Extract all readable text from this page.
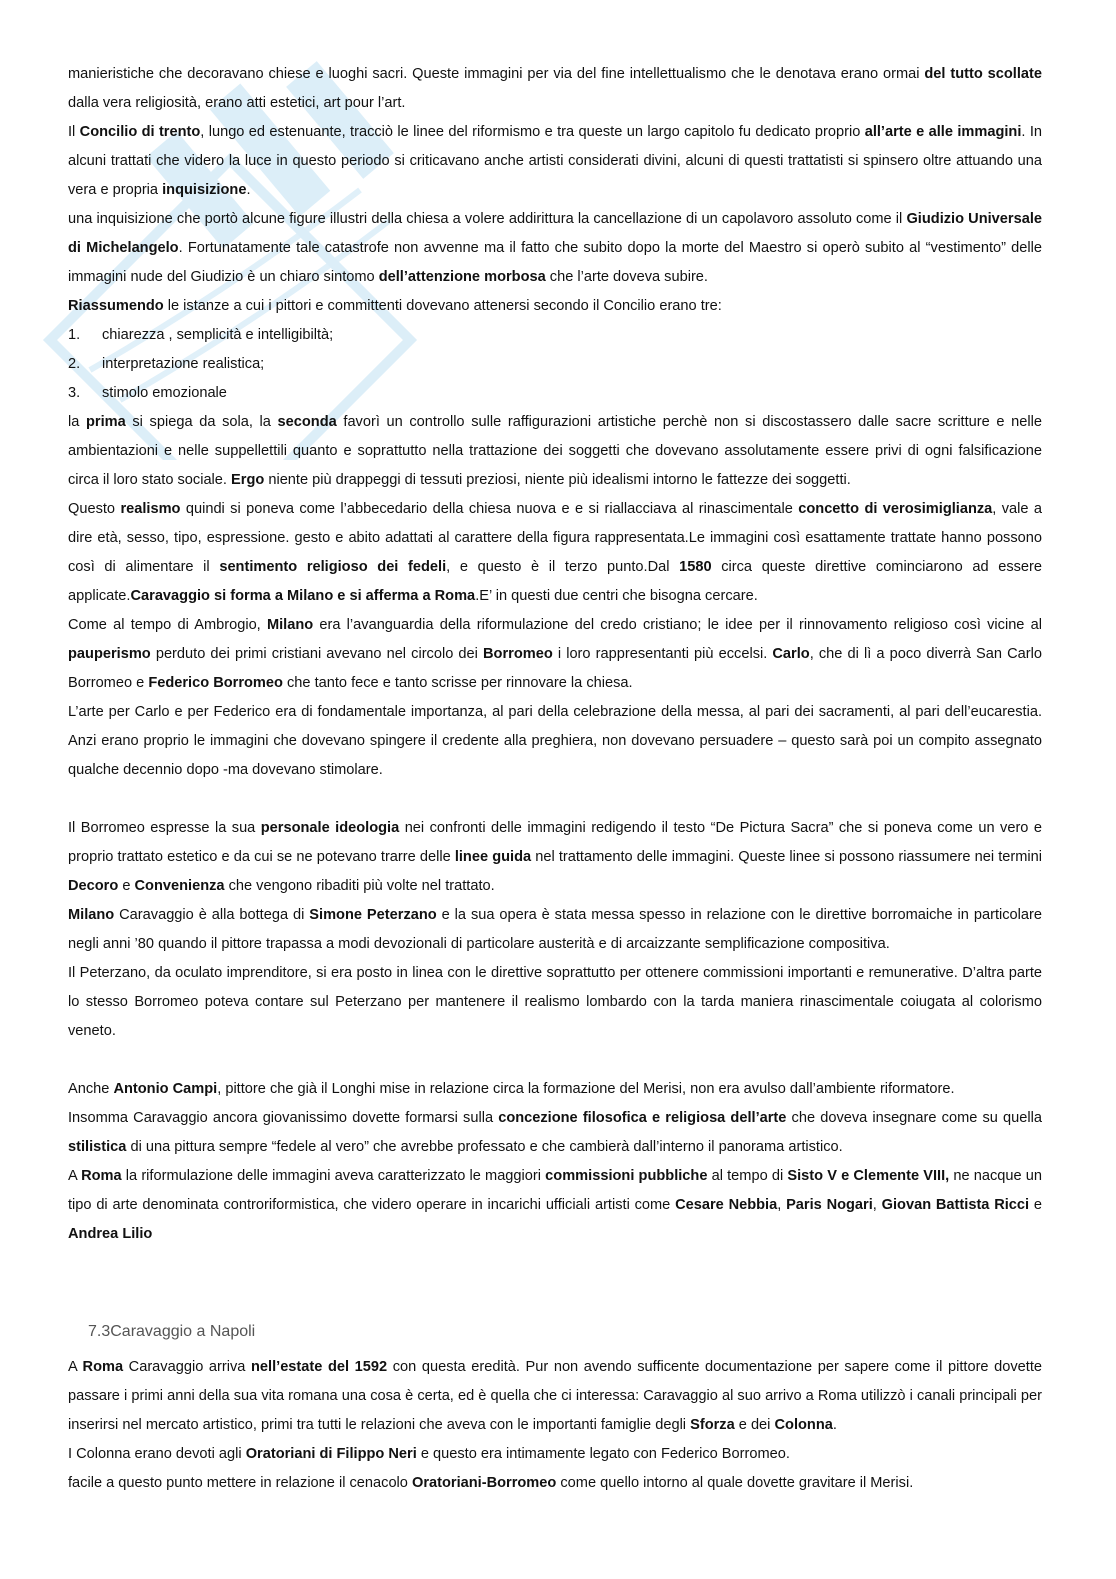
manieristiche che decoravano chiese e luoghi sacri. Queste immagini per via del fine intellettualismo che le denotava erano ormai del tutto scollate dalla vera religiosità, erano atti estetici, art pour l’art.

Il Concilio di trento, lungo ed estenuante, tracciò le linee del riformismo e tra queste un largo capitolo fu dedicato proprio all’arte e alle immagini. In alcuni trattati che videro la luce in questo periodo si criticavano anche artisti considerati divini, alcuni di questi trattatisti si spinsero oltre attuando una vera e propria inquisizione.

una inquisizione che portò alcune figure illustri della chiesa a volere addirittura la cancellazione di un capolavoro assoluto come il Giudizio Universale di Michelangelo. Fortunatamente tale catastrofe non avvenne ma il fatto che subito dopo la morte del Maestro si operò subito al “vestimento” delle immagini nude del Giudizio è un chiaro sintomo dell’attenzione morbosa che l’arte doveva subire.

Riassumendo le istanze a cui i pittori e committenti dovevano attenersi secondo il Concilio erano tre:

1.	chiarezza , semplicità e intelligibiltà;
2.	interpretazione realistica;
3.	stimolo emozionale

la prima si spiega da sola, la seconda favorì un controllo sulle raffigurazioni artistiche perchè non si discostassero dalle sacre scritture e nelle ambientazioni e nelle suppellettili quanto e soprattutto nella trattazione dei soggetti che dovevano assolutamente essere privi di ogni falsificazione circa il loro stato sociale. Ergo niente più drappeggi di tessuti preziosi, niente più idealismi intorno le fattezze dei soggetti.

Questo realismo quindi si poneva come l’abbecedario della chiesa nuova e e si riallacciava al rinascimentale concetto di verosimiglianza, vale a dire età, sesso, tipo, espressione. gesto e abito adattati al carattere della figura rappresentata.Le immagini così esattamente trattate hanno possono così di alimentare il sentimento religioso dei fedeli, e questo è il terzo punto.Dal 1580 circa queste direttive cominciarono ad essere applicate.Caravaggio si forma a Milano e si afferma a Roma.E’ in questi due centri che bisogna cercare.

Come al tempo di Ambrogio, Milano era l’avanguardia della riformulazione del credo cristiano; le idee per il rinnovamento religioso così vicine al pauperismo perduto dei primi cristiani avevano nel circolo dei Borromeo i loro rappresentanti più eccelsi. Carlo, che di lì a poco diverrà San Carlo Borromeo e Federico Borromeo che tanto fece e tanto scrisse per rinnovare la chiesa.

L’arte per Carlo e per Federico era di fondamentale importanza, al pari della celebrazione della messa, al pari dei sacramenti, al pari dell’eucarestia. Anzi erano proprio le immagini che dovevano spingere il credente alla preghiera, non dovevano persuadere – questo sarà poi un compito assegnato qualche decennio dopo -ma dovevano stimolare.

Il Borromeo espresse la sua personale ideologia nei confronti delle immagini redigendo il testo “De Pictura Sacra” che si poneva come un vero e proprio trattato estetico e da cui se ne potevano trarre delle linee guida nel trattamento delle immagini. Queste linee si possono riassumere nei termini Decoro e Convenienza che vengono ribaditi più volte nel trattato.

Milano Caravaggio è alla bottega di Simone Peterzano e la sua opera è stata messa spesso in relazione con le direttive borromaiche in particolare negli anni ’80 quando il pittore trapassa a modi devozionali di particolare austerità e di arcaizzante semplificazione compositiva.

Il Peterzano, da oculato imprenditore, si era posto in linea con le direttive soprattutto per ottenere commissioni importanti e remunerative. D’altra parte lo stesso Borromeo poteva contare sul Peterzano per mantenere il realismo lombardo con la tarda maniera rinascimentale coiugata al colorismo veneto.

Anche Antonio Campi, pittore che già il Longhi mise in relazione circa la formazione del Merisi, non era avulso dall’ambiente riformatore.

Insomma Caravaggio ancora giovanissimo dovette formarsi sulla concezione filosofica e religiosa dell’arte che doveva insegnare come su quella stilistica di una pittura sempre “fedele al vero” che avrebbe professato e che cambierà dall’interno il panorama artistico.

A Roma la riformulazione delle immagini aveva caratterizzato le maggiori commissioni pubbliche al tempo di Sisto V e Clemente VIII, ne nacque un tipo di arte denominata controriformistica, che videro operare in incarichi ufficiali artisti come Cesare Nebbia, Paris Nogari, Giovan Battista Ricci e Andrea Lilio

7.3Caravaggio a Napoli

A Roma Caravaggio arriva nell’estate del 1592 con questa eredità. Pur non avendo sufficente documentazione per sapere come il pittore dovette passare i primi anni della sua vita romana una cosa è certa, ed è quella che ci interessa: Caravaggio al suo arrivo a Roma utilizzò i canali principali per inserirsi nel mercato artistico, primi tra tutti le relazioni che aveva con le importanti famiglie degli Sforza e dei Colonna.

I Colonna erano devoti agli Oratoriani di Filippo Neri e questo era intimamente legato con Federico Borromeo.

facile a questo punto mettere in relazione il cenacolo Oratoriani-Borromeo come quello intorno al quale dovette gravitare il Merisi.
